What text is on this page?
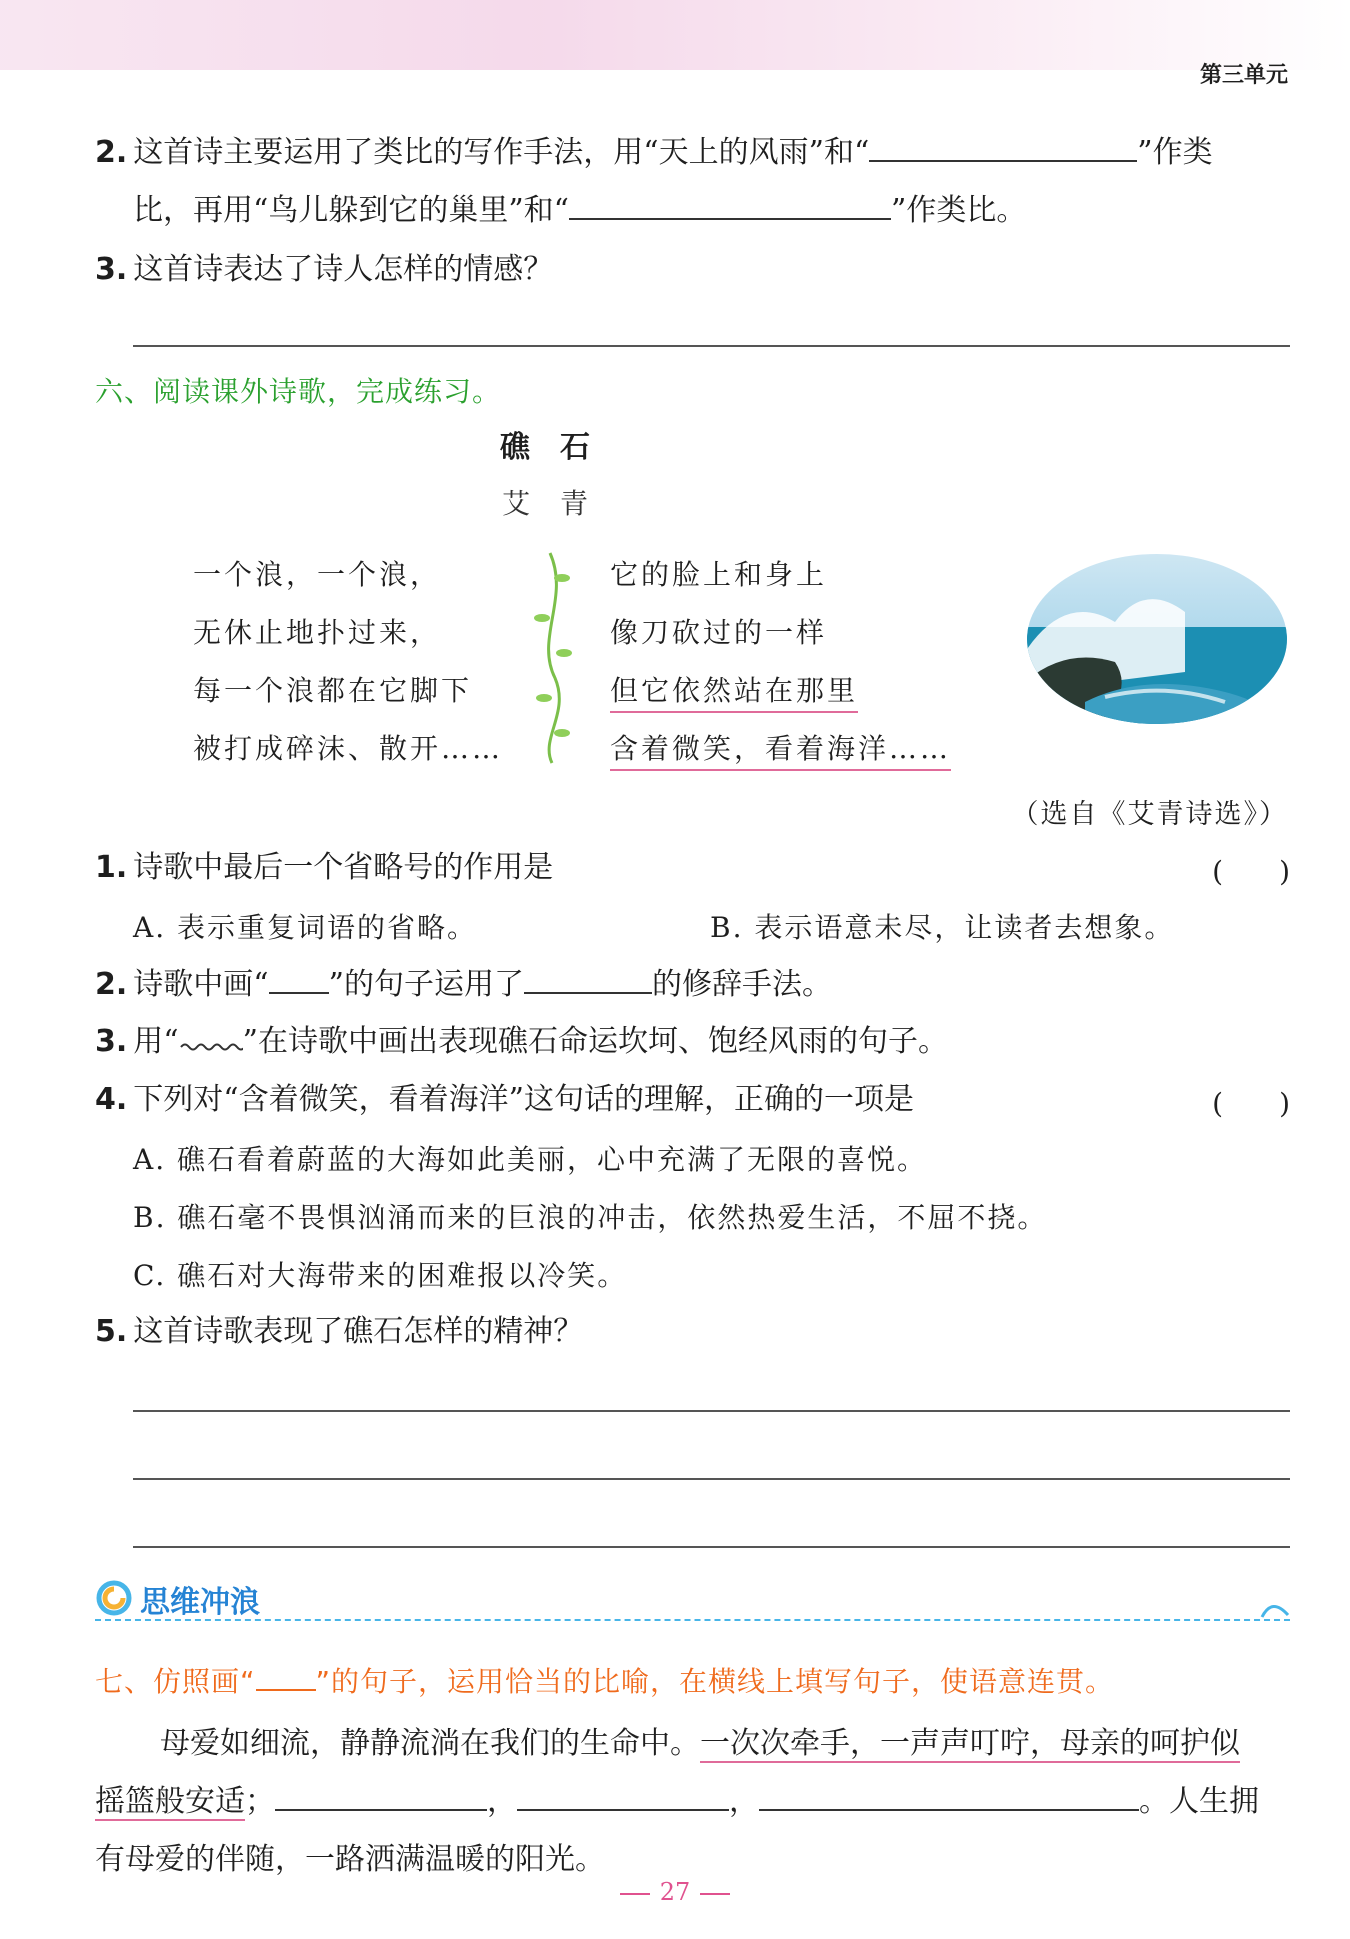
第三单元
2. 这首诗主要运用了类比的写作手法，用“天上的风雨”和“	”作类
比，再用“鸟儿躲到它的巢里”和“	”作类比。
3. 这首诗表达了诗人怎样的情感？
六、阅读课外诗歌，完成练习。
礁石
艾青
一个浪，一个浪，
无休止地扑过来，
每一个浪都在它脚下
被打成碎沫、散开……
它的脸上和身上
像刀砍过的一样
但它依然站在那里
含着微笑，看着海洋……
（选自《艾青诗选》）
1. 诗歌中最后一个省略号的作用是	(　　)
A. 表示重复词语的省略。	B. 表示语意未尽，让读者去想象。
2. 诗歌中画“ ”的句子运用了	的修辞手法。
3. 用“ ”在诗歌中画出表现礁石命运坎坷、饱经风雨的句子。
4. 下列对“含着微笑，看着海洋”这句话的理解，正确的一项是	(　　)
A. 礁石看着蔚蓝的大海如此美丽，心中充满了无限的喜悦。
B. 礁石毫不畏惧汹涌而来的巨浪的冲击，依然热爱生活，不屈不挠。
C. 礁石对大海带来的困难报以冷笑。
5. 这首诗歌表现了礁石怎样的精神？
思维冲浪
七、仿照画“ ”的句子，运用恰当的比喻，在横线上填写句子，使语意连贯。
母爱如细流，静静流淌在我们的生命中。一次次牵手，一声声叮咛，母亲的呵护似
摇篮般安适；	，	，	。人生拥
有母爱的伴随，一路洒满温暖的阳光。
27
